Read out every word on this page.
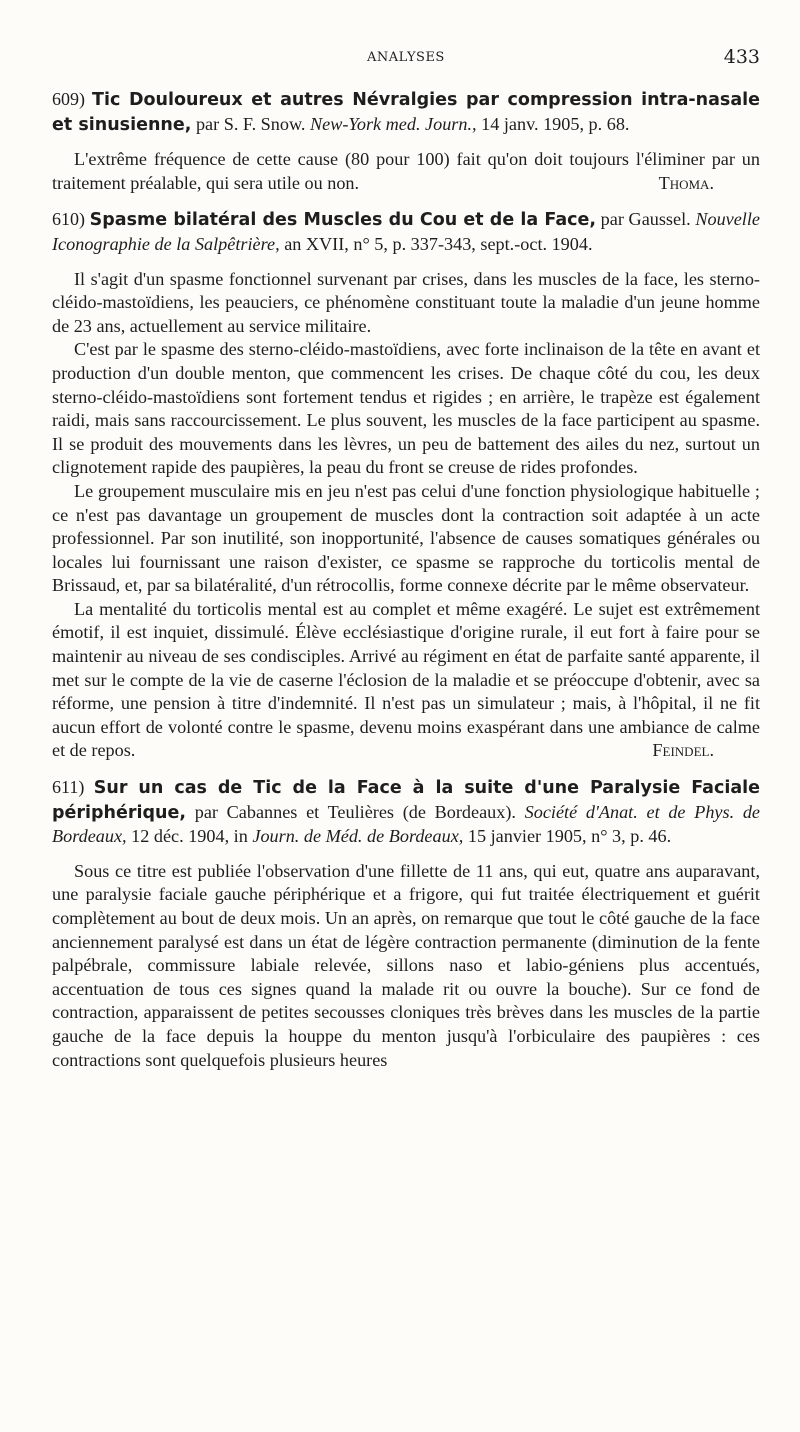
ANALYSES	433
609) Tic Douloureux et autres Névralgies par compression intra-nasale et sinusienne, par S. F. Snow. New-York med. Journ., 14 janv. 1905, p. 68.

L'extrême fréquence de cette cause (80 pour 100) fait qu'on doit toujours l'éliminer par un traitement préalable, qui sera utile ou non.	Thoma.

610) Spasme bilatéral des Muscles du Cou et de la Face, par Gaussel. Nouvelle Iconographie de la Salpêtrière, an XVII, n° 5, p. 337-343, sept.-oct. 1904.

Il s'agit d'un spasme fonctionnel survenant par crises, dans les muscles de la face, les sterno-cléido-mastoïdiens, les peauciers, ce phénomène constituant toute la maladie d'un jeune homme de 23 ans, actuellement au service militaire.

C'est par le spasme des sterno-cléido-mastoïdiens, avec forte inclinaison de la tête en avant et production d'un double menton, que commencent les crises. De chaque côté du cou, les deux sterno-cléido-mastoïdiens sont fortement tendus et rigides ; en arrière, le trapèze est également raidi, mais sans raccourcissement. Le plus souvent, les muscles de la face participent au spasme. Il se produit des mouvements dans les lèvres, un peu de battement des ailes du nez, surtout un clignotement rapide des paupières, la peau du front se creuse de rides profondes.

Le groupement musculaire mis en jeu n'est pas celui d'une fonction physiologique habituelle ; ce n'est pas davantage un groupement de muscles dont la contraction soit adaptée à un acte professionnel. Par son inutilité, son inopportunité, l'absence de causes somatiques générales ou locales lui fournissant une raison d'exister, ce spasme se rapproche du torticolis mental de Brissaud, et, par sa bilatéralité, d'un rétrocollis, forme connexe décrite par le même observateur.

La mentalité du torticolis mental est au complet et même exagéré. Le sujet est extrêmement émotif, il est inquiet, dissimulé. Élève ecclésiastique d'origine rurale, il eut fort à faire pour se maintenir au niveau de ses condisciples. Arrivé au régiment en état de parfaite santé apparente, il met sur le compte de la vie de caserne l'éclosion de la maladie et se préoccupe d'obtenir, avec sa réforme, une pension à titre d'indemnité. Il n'est pas un simulateur ; mais, à l'hôpital, il ne fit aucun effort de volonté contre le spasme, devenu moins exaspérant dans une ambiance de calme et de repos.	Feindel.

611) Sur un cas de Tic de la Face à la suite d'une Paralysie Faciale périphérique, par Cabannes et Teulières (de Bordeaux). Société d'Anat. et de Phys. de Bordeaux, 12 déc. 1904, in Journ. de Méd. de Bordeaux, 15 janvier 1905, n° 3, p. 46.

Sous ce titre est publiée l'observation d'une fillette de 11 ans, qui eut, quatre ans auparavant, une paralysie faciale gauche périphérique et a frigore, qui fut traitée électriquement et guérit complètement au bout de deux mois. Un an après, on remarque que tout le côté gauche de la face anciennement paralysé est dans un état de légère contraction permanente (diminution de la fente palpébrale, commissure labiale relevée, sillons naso et labio-géniens plus accentués, accentuation de tous ces signes quand la malade rit ou ouvre la bouche). Sur ce fond de contraction, apparaissent de petites secousses cloniques très brèves dans les muscles de la partie gauche de la face depuis la houppe du menton jusqu'à l'orbiculaire des paupières : ces contractions sont quelquefois plusieurs heures
